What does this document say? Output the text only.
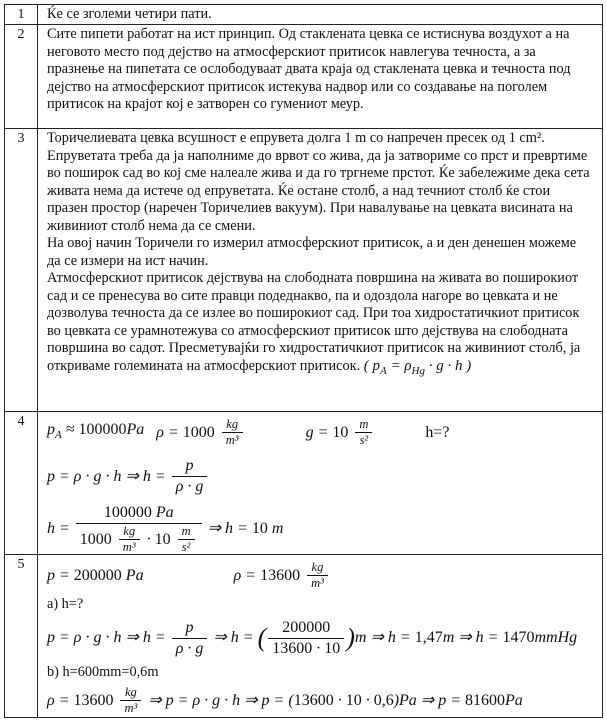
1	Ќе се зголеми четири пати.

2	Сите пипети работат на ист принцип. Од стаклената цевка се истиснува воздухот а на неговото место под дејство на атмосферскиот притисок навлегува течноста, а за празнење на пипетата се ослободуваат двата краја од стаклената цевка и течноста под дејство на атмосферскиот притисок истекува надвор или со создавање на поголем притисок на крајот кој е затворен со гумениот меур.

3	Торичелиевата цевка всушност е епрувета долга 1 m со напречен пресек од 1 cm². Епруветата треба да ја наполниме до врвот со жива, да ја затвориме со прст и превртиме во поширок сад во кој сме налеале жива и да го тргнеме прстот. Ќе забележиме дека сета живата нема да истече од епруветата. Ќе остане столб, а над течниот столб ќе стои празен простор (наречен Торичелиев вакуум). При навалување на цевката висината на живиниот столб нема да се смени.

На овој начин Торичели го измерил атмосферскиот притисок, а и ден денешен можеме да се измери на ист начин.

Атмосферскиот притисок дејствува на слободната површина на живата во поширокиот сад и се пренесува во сите правци подеднакво, па и одоздола нагоре во цевката и не дозволува течноста да се излее во поширокиот сад. При тоа хидростатичкиот притисок во цевката се урамнотежува со атмосферскиот притисок што дејствува на слободната површина во садот. Пресметувајќи го хидростатичкиот притисок на живиниот столб, ја откриваме големината на атмосферскиот притисок. ( $p_A = \rho_{Hg} \cdot g \cdot h$ )

4	$p_A \approx 100000Pa$ $\rho = 1000 \frac{kg}{\text{m³}}$	$g = 10 \frac{m}{\text{s²}}$	h=?
p = ρ · g · h ⇒ $h = \frac{p}{\rho \cdot g}$
$h = \frac{100000 Pa}{1000 \frac{kg}{\text{m³}} \cdot 10 \frac{m}{\text{s²}}}$ ⇒ h = 10 m
5
p = 200000 Pa	$\rho = 13600 \frac{kg}{\text{m³}}$
a) h=?
p = ρ · g · h ⇒ $h = \frac{p}{\rho \cdot g}$ ⇒ h = ( $\frac{200000}{13600 \cdot 10}$ ) m ⇒ h = 1,47m ⇒ h = 1470mmHg
b) h=600mm=0,6m
$\rho = 13600 \frac{kg}{\text{m³}}$ ⇒ p = ρ · g · h ⇒ p = (13600 · 10 · 0,6)Pa ⇒ p = 81600Pa
